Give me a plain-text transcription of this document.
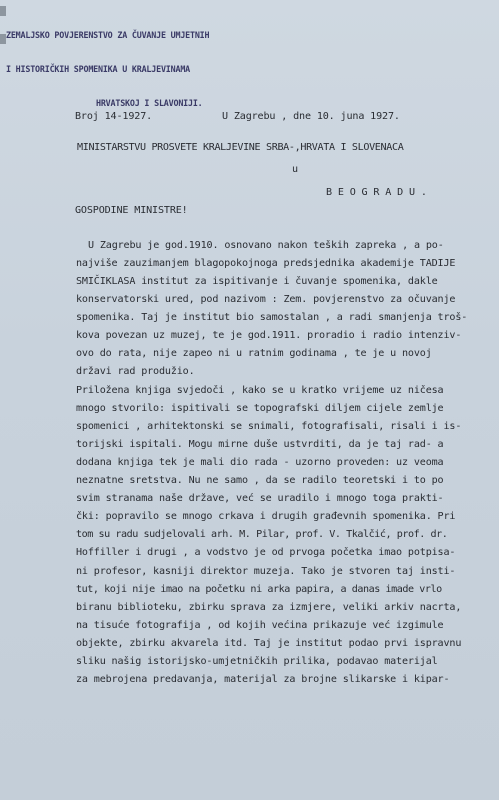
ZEMALJSKO POVJERENSTVO ZA ČUVANJE UMJETNIH

I HISTORIČKIH SPOMENIKA U KRALJEVINAMA

HRVATSKOJ I SLAVONIJI.

Broj 14-1927.	U Zagrebu , dne 10. juna 1927.
MINISTARSTVU PROSVETE KRALJEVINE SRBA-,HRVATA I SLOVENACA
u
B E O G R A D U .
GOSPODINE MINISTRE!
U Zagrebu je god.1910. osnovano nakon teških zapreka , a po-
najviše zauzimanjem blagopokojnoga predsjednika akademije TADIJE
SMIČIKLASA institut za ispitivanje i čuvanje spomenika, dakle
konservatorski ured, pod nazivom : Zem. povjerenstvo za očuvanje
spomenika. Taj je institut bio samostalan , a radi smanjenja troš-
kova povezan uz muzej, te je god.1911. proradio i radio intenziv-
ovo do rata, nije zapeo ni u ratnim godinama , te je u novoj
državi rad produžio.
Priložena knjiga svjedoči , kako se u kratko vrijeme uz ničesa
mnogo stvorilo: ispitivali se topografski diljem cijele zemlje
spomenici , arhitektonski se snimali, fotografisali, risali i is-
torijski ispitali. Mogu mirne duše ustvrditi, da je taj rad- a
dodana knjiga tek je mali dio rada - uzorno proveden: uz veoma
neznatne sretstva. Nu ne samo , da se radilo teoretski i to po
svim stranama naše države, već se uradilo i mnogo toga prakti-
čki: popravilo se mnogo crkava i drugih građevnih spomenika. Pri
tom su radu sudjelovali arh. M. Pilar, prof. V. Tkalčić, prof. dr.
Hoffiller i drugi , a vodstvo je od prvoga početka imao potpisa-
ni profesor, kasniji direktor muzeja. Tako je stvoren taj insti-
tut, koji nije imao na početku ni arka papira, a danas imade vrlo
biranu biblioteku, zbirku sprava za izmjere, veliki arkiv nacrta,
na tisuće fotografija , od kojih većina prikazuje već izgimule
objekte, zbirku akvarela itd. Taj je institut podao prvi ispravnu
sliku našig istorijsko-umjetničkih prilika, podavao materijal
za mebrojena predavanja, materijal za brojne slikarske i kipar-
